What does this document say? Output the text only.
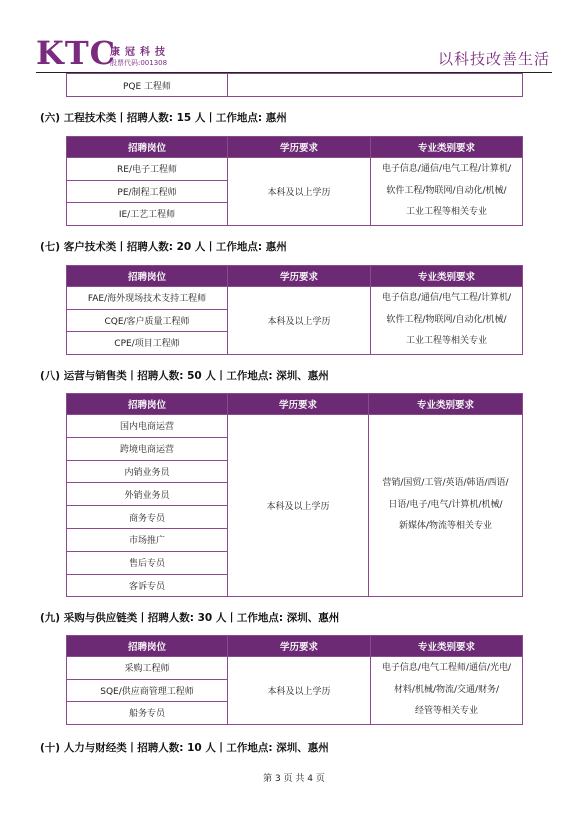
KTC
康冠科技
股票代码:001308	以科技改善生活
PQE 工程师	
(六) 工程技术类丨招聘人数: 15 人丨工作地点: 惠州
招聘岗位	学历要求	专业类别要求
RE/电子工程师	本科及以上学历	电子信息/通信/电气工程/计算机/
软件工程/物联网/自动化/机械/
工业工程等相关专业

PE/制程工程师		
IE/工艺工程师		
(七) 客户技术类丨招聘人数: 20 人丨工作地点: 惠州
招聘岗位	学历要求	专业类别要求
FAE/海外现场技术支持工程师	本科及以上学历	电子信息/通信/电气工程/计算机/
软件工程/物联网/自动化/机械/
工业工程等相关专业

CQE/客户质量工程师		
CPE/项目工程师		
(八) 运营与销售类丨招聘人数: 50 人丨工作地点: 深圳、惠州
招聘岗位	学历要求	专业类别要求
国内电商运营	本科及以上学历	营销/国贸/工管/英语/韩语/西语/
日语/电子/电气/计算机/机械/
新媒体/物流等相关专业

跨境电商运营		
内销业务员		
外销业务员		
商务专员		
市场推广		
售后专员		
客诉专员		
(九) 采购与供应链类丨招聘人数: 30 人丨工作地点: 深圳、惠州
招聘岗位	学历要求	专业类别要求
采购工程师	本科及以上学历	电子信息/电气工程师/通信/光电/
材料/机械/物流/交通/财务/
经管等相关专业

SQE/供应商管理工程师		
船务专员		
(十) 人力与财经类丨招聘人数: 10 人丨工作地点: 深圳、惠州
第 3 页 共 4 页
